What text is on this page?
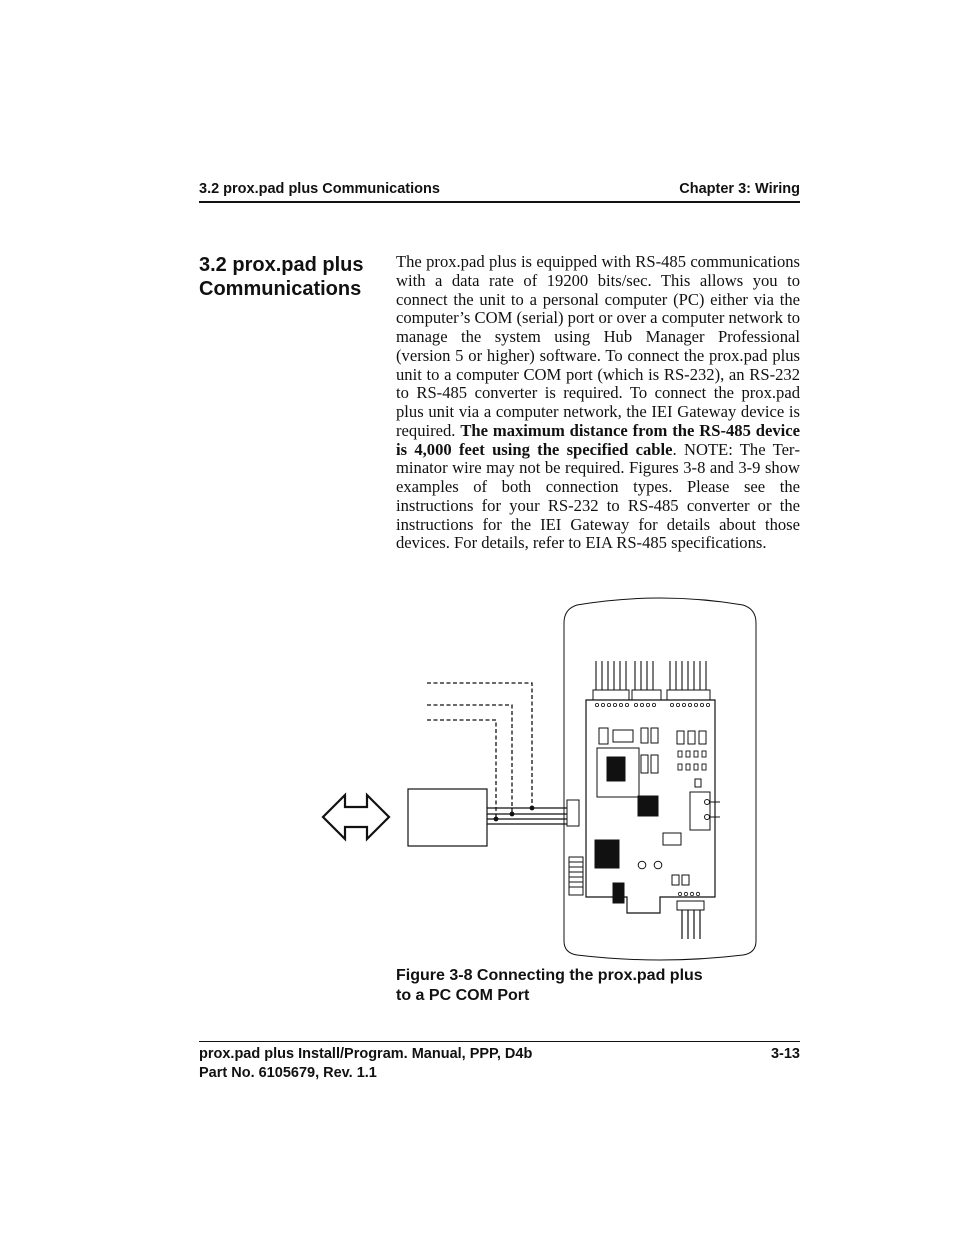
3.2 prox.pad plus Communications	Chapter 3: Wiring
3.2 prox.pad plus
Communications
The prox.pad plus is equipped with RS-485 communications with a data rate of 19200 bits/sec. This allows you to connect the unit to a personal computer (PC) either via the computer’s COM (serial) port or over a computer network to manage the system using Hub Manager Professional (version 5 or higher) software. To connect the prox.pad plus unit to a computer COM port (which is RS-232), an RS-232 to RS-485 converter is required. To connect the prox.pad plus unit via a computer network, the IEI Gateway device is required. The maximum distance from the RS-485 device is 4,000 feet using the specified cable. NOTE: The Terminator wire may not be required. Figures 3-8 and 3-9 show examples of both connection types. Please see the instructions for your RS-232 to RS-485 converter or the instructions for the IEI Gateway for details about those devices. For details, refer to EIA RS-485 specifications.
Figure 3-8 Connecting the prox.pad plus
to a PC COM Port
prox.pad plus Install/Program. Manual, PPP, D4b
Part No. 6105679, Rev. 1.1
3-13
